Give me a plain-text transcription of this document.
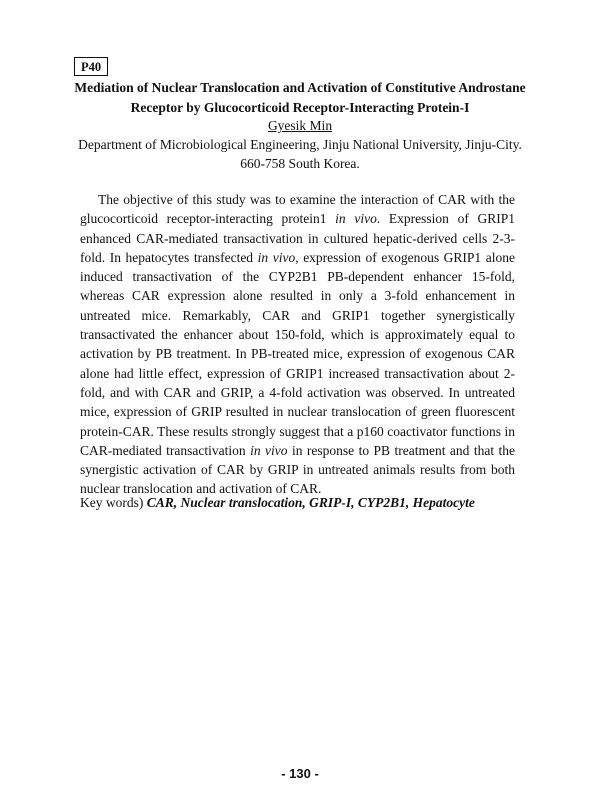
P40
Mediation of Nuclear Translocation and Activation of Constitutive Androstane
Receptor by Glucocorticoid Receptor-Interacting Protein-I
Gyesik Min
Department of Microbiological Engineering, Jinju National University, Jinju-City.
660-758 South Korea.

The objective of this study was to examine the interaction of CAR with the glucocorticoid receptor-interacting protein1 in vivo. Expression of GRIP1 enhanced CAR-mediated transactivation in cultured hepatic-derived cells 2-3-fold. In hepatocytes transfected in vivo, expression of exogenous GRIP1 alone induced transactivation of the CYP2B1 PB-dependent enhancer 15-fold, whereas CAR expression alone resulted in only a 3-fold enhancement in untreated mice. Remarkably, CAR and GRIP1 together synergistically transactivated the enhancer about 150-fold, which is approximately equal to activation by PB treatment. In PB-treated mice, expression of exogenous CAR alone had little effect, expression of GRIP1 increased transactivation about 2-fold, and with CAR and GRIP, a 4-fold activation was observed. In untreated mice, expression of GRIP resulted in nuclear translocation of green fluorescent protein-CAR. These results strongly suggest that a p160 coactivator functions in CAR-mediated transactivation in vivo in response to PB treatment and that the synergistic activation of CAR by GRIP in untreated animals results from both nuclear translocation and activation of CAR.

Key words) CAR, Nuclear translocation, GRIP-I, CYP2B1, Hepatocyte
- 130 -
